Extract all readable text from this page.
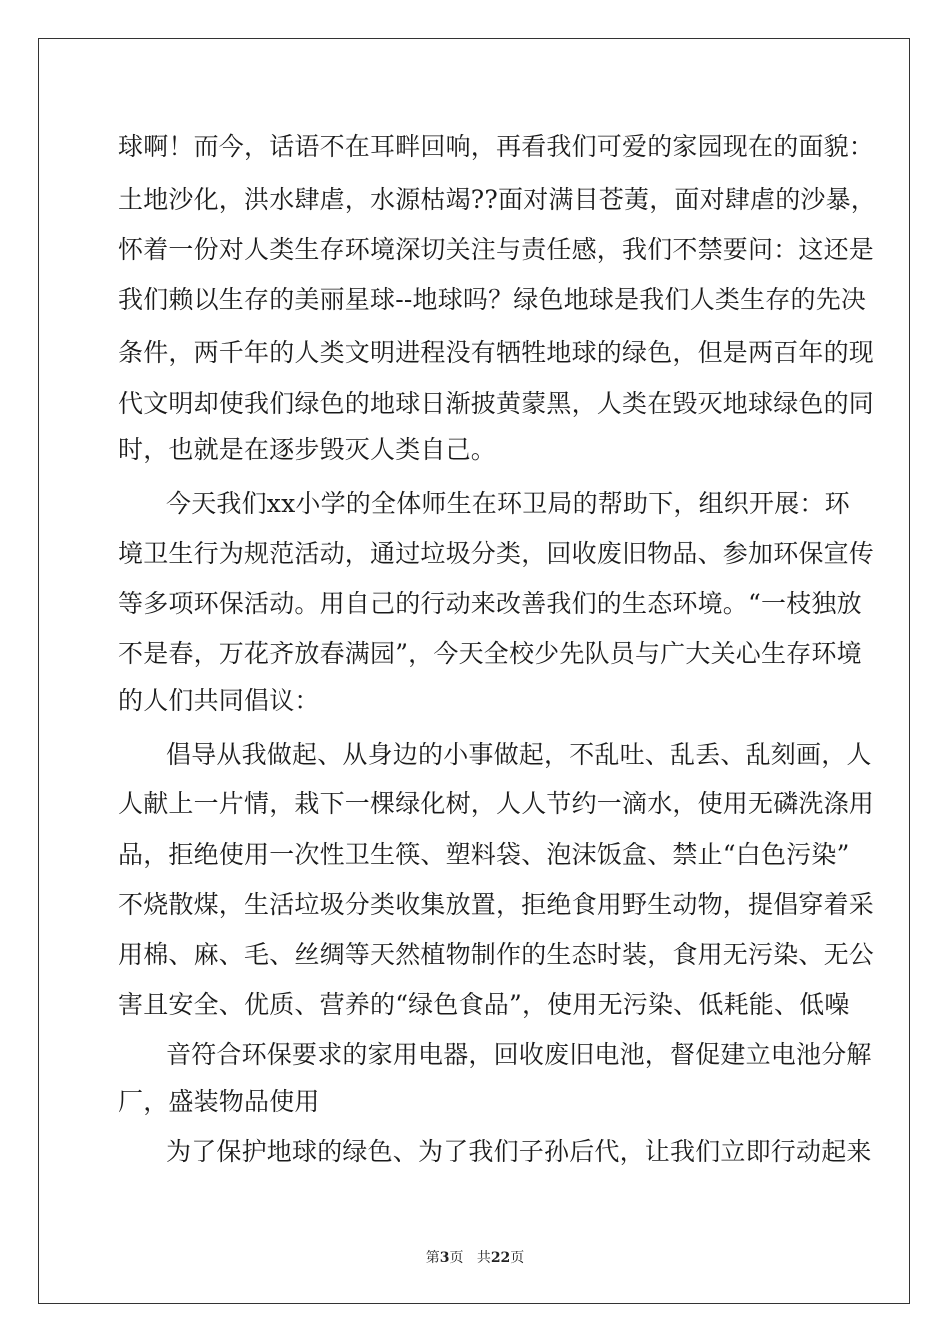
球啊！而今，话语不在耳畔回响，再看我们可爱的家园现在的面貌：
土地沙化，洪水肆虐，水源枯竭??面对满目苍荑，面对肆虐的沙暴，
怀着一份对人类生存环境深切关注与责任感，我们不禁要问：这还是
我们赖以生存的美丽星球--地球吗？绿色地球是我们人类生存的先决
条件，两千年的人类文明进程没有牺牲地球的绿色，但是两百年的现
代文明却使我们绿色的地球日渐披黄蒙黑，人类在毁灭地球绿色的同
时，也就是在逐步毁灭人类自己。
今天我们xx小学的全体师生在环卫局的帮助下，组织开展：环
境卫生行为规范活动，通过垃圾分类，回收废旧物品、参加环保宣传
等多项环保活动。用自己的行动来改善我们的生态环境。“一枝独放
不是春，万花齐放春满园”，今天全校少先队员与广大关心生存环境
的人们共同倡议：
倡导从我做起、从身边的小事做起，不乱吐、乱丢、乱刻画，人
人献上一片情，栽下一棵绿化树，人人节约一滴水，使用无磷洗涤用
品，拒绝使用一次性卫生筷、塑料袋、泡沫饭盒、禁止“白色污染”
不烧散煤，生活垃圾分类收集放置，拒绝食用野生动物，提倡穿着采
用棉、麻、毛、丝绸等天然植物制作的生态时装，食用无污染、无公
害且安全、优质、营养的“绿色食品”，使用无污染、低耗能、低噪
音符合环保要求的家用电器，回收废旧电池，督促建立电池分解
厂，盛装物品使用
为了保护地球的绿色、为了我们子孙后代，让我们立即行动起来
第3页 共22页
